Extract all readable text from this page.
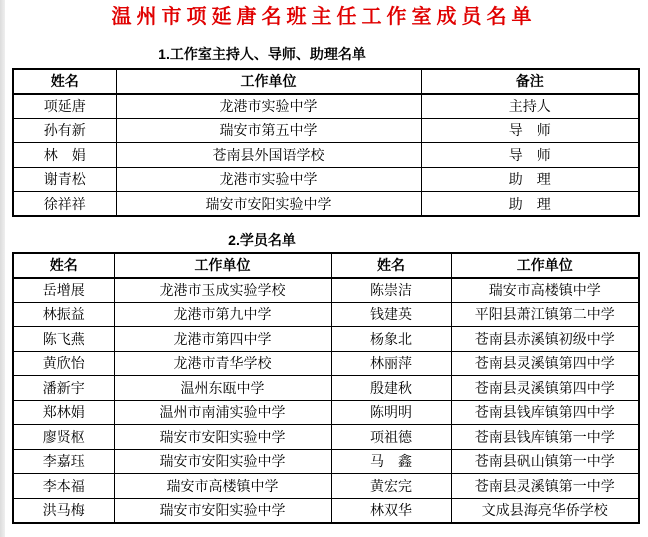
温州市项延唐名班主任工作室成员名单
1.工作室主持人、导师、助理名单
姓名	工作单位	备注
项延唐	龙港市实验中学	主持人
孙有新	瑞安市第五中学	导　师
林　娟	苍南县外国语学校	导　师
谢青松	龙港市实验中学	助　理
徐祥祥	瑞安市安阳实验中学	助　理
2.学员名单
姓名	工作单位	姓名	工作单位
岳增展	龙港市玉成实验学校	陈崇洁	瑞安市高楼镇中学
林振益	龙港市第九中学	钱建英	平阳县萧江镇第二中学
陈飞燕	龙港市第四中学	杨象北	苍南县赤溪镇初级中学
黄欣怡	龙港市青华学校	林丽萍	苍南县灵溪镇第四中学
潘新宇	温州东瓯中学	殷建秋	苍南县灵溪镇第四中学
郑林娟	温州市南浦实验中学	陈明明	苍南县钱库镇第四中学
廖贤枢	瑞安市安阳实验中学	项祖德	苍南县钱库镇第一中学
李嘉珏	瑞安市安阳实验中学	马　鑫	苍南县矾山镇第一中学
李本福	瑞安市高楼镇中学	黄宏完	苍南县灵溪镇第一中学
洪马梅	瑞安市安阳实验中学	林双华	文成县海亮华侨学校
